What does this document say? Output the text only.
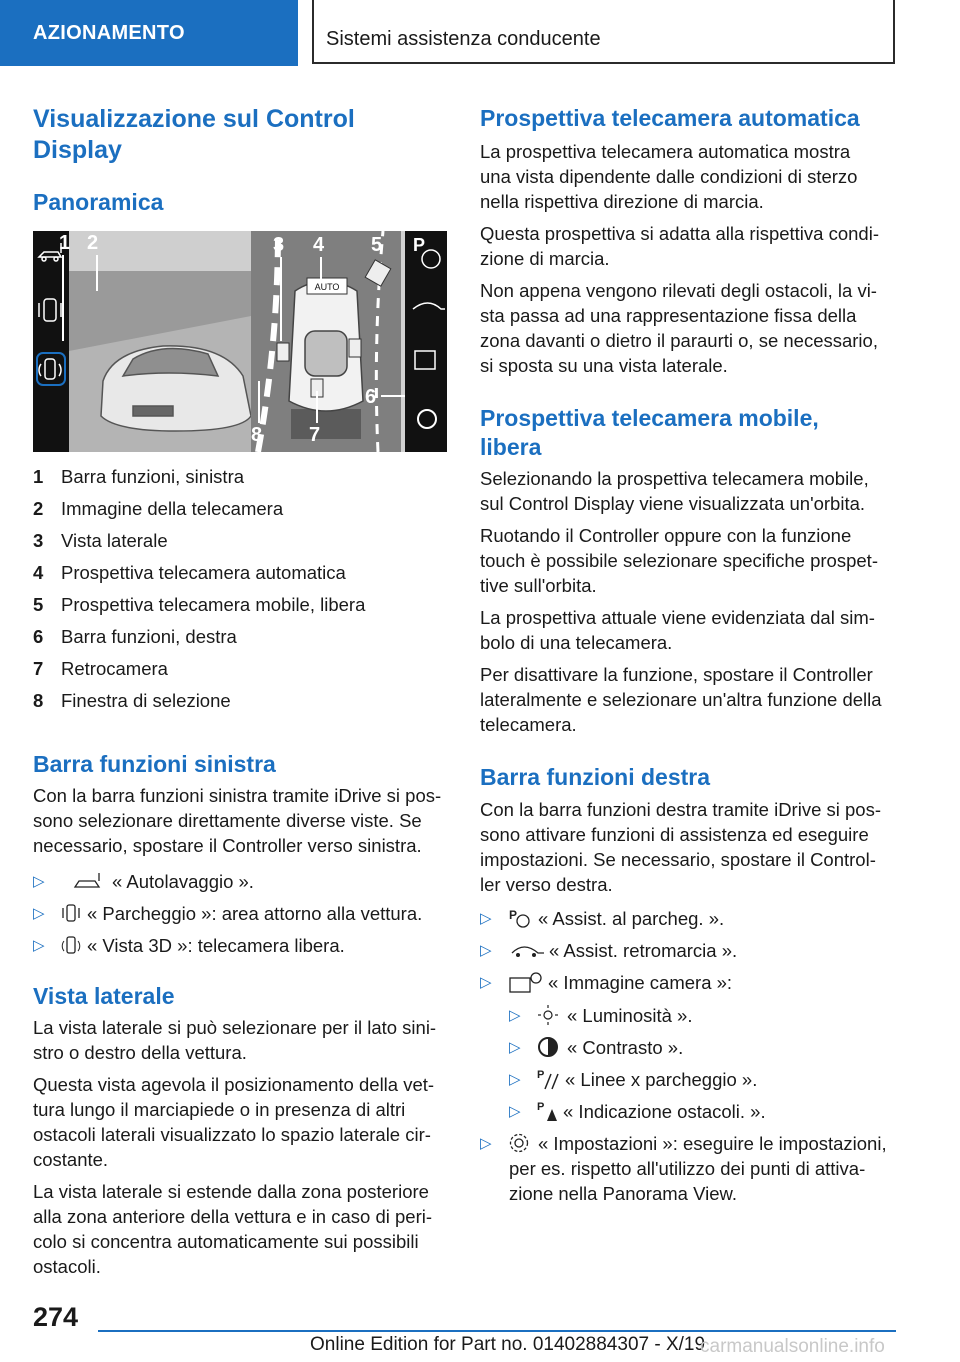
AZIONAMENTO	Sistemi assistenza conducente
Visualizzazione sul Control
Display
Panoramica
AUTO
P
1 2	3 4 5
6
7
8
1 Barra funzioni, sinistra
2 Immagine della telecamera
3 Vista laterale
4 Prospettiva telecamera automatica
5 Prospettiva telecamera mobile, libera
6 Barra funzioni, destra
7 Retrocamera
8 Finestra di selezione
Barra funzioni sinistra
Con la barra funzioni sinistra tramite iDrive si pos-
sono selezionare direttamente diverse viste. Se
necessario, spostare il Controller verso sinistra.
▷	« Autolavaggio ».
▷ « Parcheggio »: area attorno alla vettura.
▷ « Vista 3D »: telecamera libera.
Vista laterale
La vista laterale si può selezionare per il lato sini-
stro o destro della vettura.
Questa vista agevola il posizionamento della vet-
tura lungo il marciapiede o in presenza di altri
ostacoli laterali visualizzato lo spazio laterale cir-
costante.
La vista laterale si estende dalla zona posteriore
alla zona anteriore della vettura e in caso di peri-
colo si concentra automaticamente sui possibili
ostacoli.
Prospettiva telecamera automatica
La prospettiva telecamera automatica mostra
una vista dipendente dalle condizioni di sterzo
nella rispettiva direzione di marcia.
Questa prospettiva si adatta alla rispettiva condi-
zione di marcia.
Non appena vengono rilevati degli ostacoli, la vi-
sta passa ad una rappresentazione fissa della
zona davanti o dietro il paraurti o, se necessario,
si sposta su una vista laterale.
Prospettiva telecamera mobile,
libera
Selezionando la prospettiva telecamera mobile,
sul Control Display viene visualizzata un'orbita.
Ruotando il Controller oppure con la funzione
touch è possibile selezionare specifiche prospet-
tive sull'orbita.
La prospettiva attuale viene evidenziata dal sim-
bolo di una telecamera.
Per disattivare la funzione, spostare il Controller
lateralmente e selezionare un'altra funzione della
telecamera.
Barra funzioni destra
Con la barra funzioni destra tramite iDrive si pos-
sono attivare funzioni di assistenza ed eseguire
impostazioni. Se necessario, spostare il Control-
ler verso destra.
▷ P « Assist. al parcheg. ».
▷	« Assist. retromarcia ».
▷	« Immagine camera »:
▷	« Luminosità ».
▷	« Contrasto ».
▷ P « Linee x parcheggio ».
▷ P « Indicazione ostacoli. ».
▷	« Impostazioni »: eseguire le impostazioni,
per es. rispetto all'utilizzo dei punti di attiva-
zione nella Panorama View.
274
Online Edition for Part no. 01402884307 - X/19
carmanualsonline.info
